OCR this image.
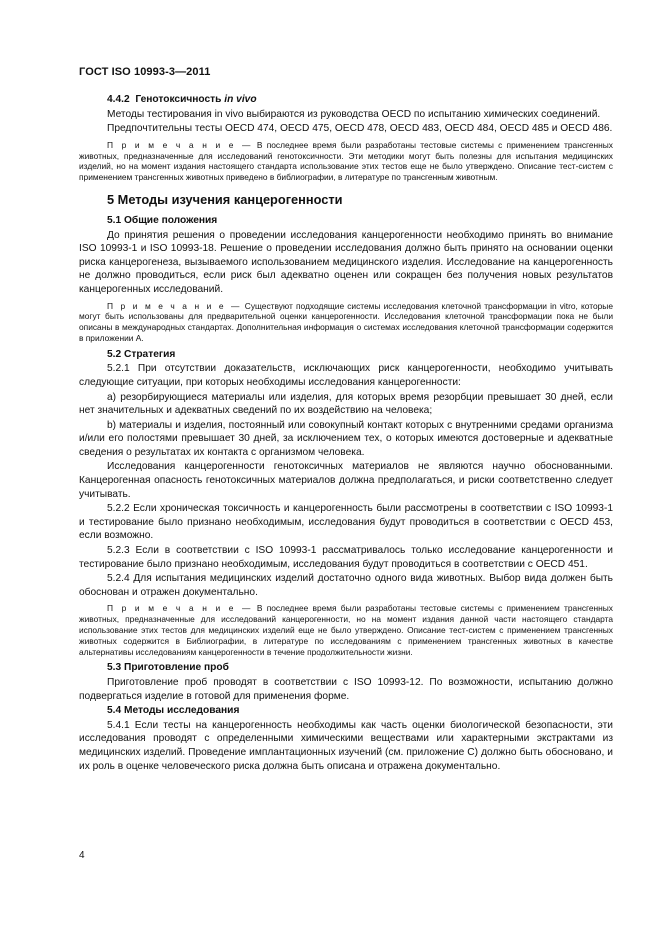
ГОСТ ISO 10993-3—2011
4.4.2 Генотоксичность in vivo
Методы тестирования in vivo выбираются из руководства OECD по испытанию химических соединений.
Предпочтительны тесты OECD 474, OECD 475, OECD 478, OECD 483, OECD 484, OECD 485 и OECD 486.
П р и м е ч а н и е — В последнее время были разработаны тестовые системы с применением трансгенных животных, предназначенные для исследований генотоксичности. Эти методики могут быть полезны для испытания медицинских изделий, но на момент издания настоящего стандарта использование этих тестов еще не было утверждено. Описание тест-систем с применением трансгенных животных приведено в библиографии, в литературе по трансгенным животным.
5 Методы изучения канцерогенности
5.1 Общие положения
До принятия решения о проведении исследования канцерогенности необходимо принять во внимание ISO 10993-1 и ISO 10993-18. Решение о проведении исследования должно быть принято на основании оценки риска канцерогенеза, вызываемого использованием медицинского изделия. Исследование на канцерогенность не должно проводиться, если риск был адекватно оценен или сокращен без получения новых результатов канцерогенных исследований.
П р и м е ч а н и е — Существуют подходящие системы исследования клеточной трансформации in vitro, которые могут быть использованы для предварительной оценки канцерогенности. Исследования клеточной трансформации пока не были описаны в международных стандартах. Дополнительная информация о системах исследования клеточной трансформации содержится в приложении А.
5.2 Стратегия
5.2.1 При отсутствии доказательств, исключающих риск канцерогенности, необходимо учитывать следующие ситуации, при которых необходимы исследования канцерогенности:
а) резорбирующиеся материалы или изделия, для которых время резорбции превышает 30 дней, если нет значительных и адекватных сведений по их воздействию на человека;
b) материалы и изделия, постоянный или совокупный контакт которых с внутренними средами организма и/или его полостями превышает 30 дней, за исключением тех, о которых имеются достоверные и адекватные сведения о результатах их контакта с организмом человека.
Исследования канцерогенности генотоксичных материалов не являются научно обоснованными. Канцерогенная опасность генотоксичных материалов должна предполагаться, и риски соответственно следует учитывать.
5.2.2 Если хроническая токсичность и канцерогенность были рассмотрены в соответствии с ISO 10993-1 и тестирование было признано необходимым, исследования будут проводиться в соответствии с OECD 453, если возможно.
5.2.3 Если в соответствии с ISO 10993-1 рассматривалось только исследование канцерогенности и тестирование было признано необходимым, исследования будут проводиться в соответствии с OECD 451.
5.2.4 Для испытания медицинских изделий достаточно одного вида животных. Выбор вида должен быть обоснован и отражен документально.
П р и м е ч а н и е — В последнее время были разработаны тестовые системы с применением трансгенных животных, предназначенные для исследований канцерогенности, но на момент издания данной части настоящего стандарта использование этих тестов для медицинских изделий еще не было утверждено. Описание тест-систем с применением трансгенных животных содержится в Библиографии, в литературе по исследованиям с применением трансгенных животных в качестве альтернативы исследованиям канцерогенности в течение продолжительности жизни.
5.3 Приготовление проб
Приготовление проб проводят в соответствии с ISO 10993-12. По возможности, испытанию должно подвергаться изделие в готовой для применения форме.
5.4 Методы исследования
5.4.1 Если тесты на канцерогенность необходимы как часть оценки биологической безопасности, эти исследования проводят с определенными химическими веществами или характерными экстрактами из медицинских изделий. Проведение имплантационных изучений (см. приложение С) должно быть обосновано, и их роль в оценке человеческого риска должна быть описана и отражена документально.
4
